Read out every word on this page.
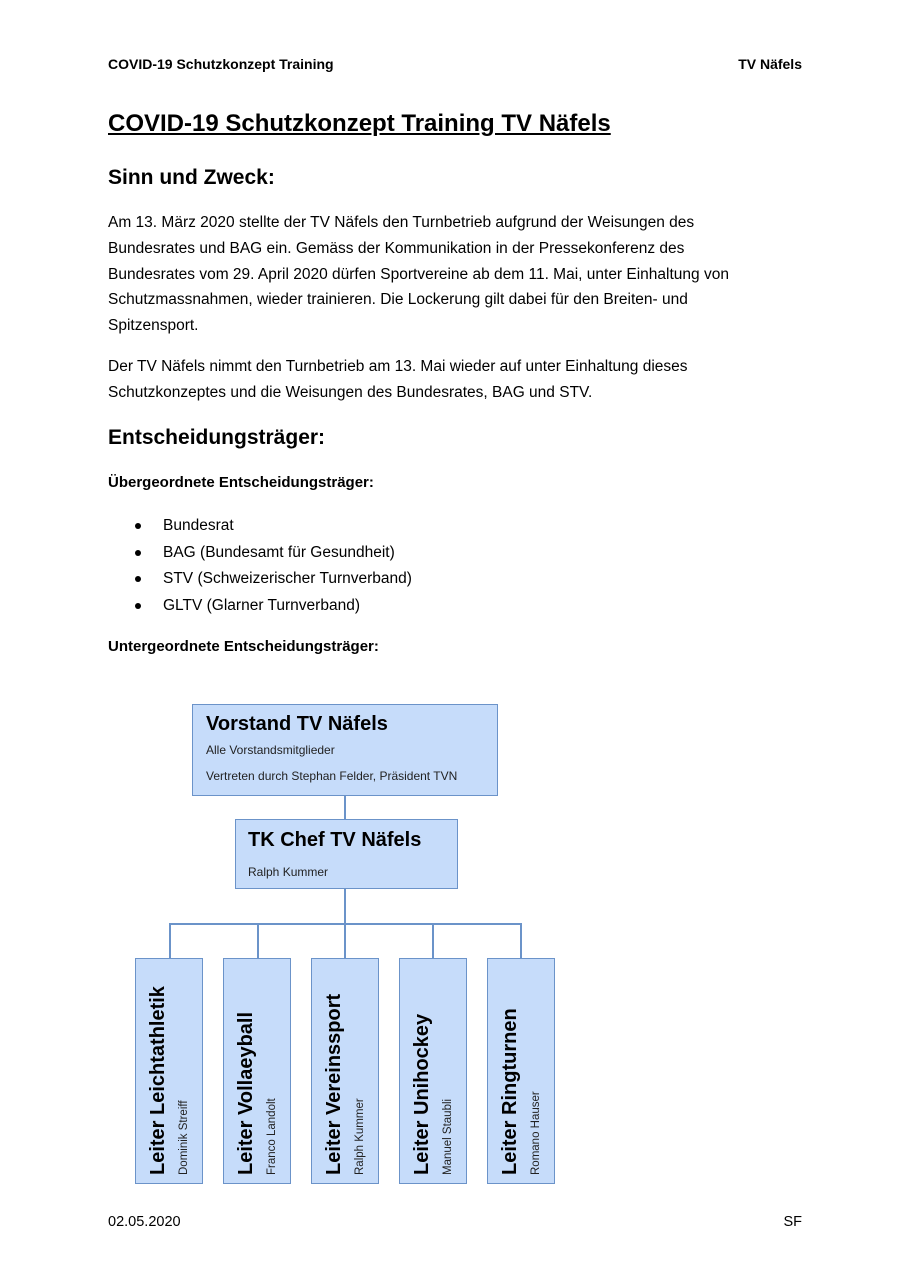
COVID-19 Schutzkonzept Training	TV Näfels
COVID-19 Schutzkonzept Training TV Näfels
Sinn und Zweck:
Am 13. März 2020 stellte der TV Näfels den Turnbetrieb aufgrund der Weisungen des
Bundesrates und BAG ein. Gemäss der Kommunikation in der Pressekonferenz des
Bundesrates vom 29. April 2020 dürfen Sportvereine ab dem 11. Mai, unter Einhaltung von
Schutzmassnahmen, wieder trainieren. Die Lockerung gilt dabei für den Breiten- und
Spitzensport.
Der TV Näfels nimmt den Turnbetrieb am 13. Mai wieder auf unter Einhaltung dieses
Schutzkonzeptes und die Weisungen des Bundesrates, BAG und STV.
Entscheidungsträger:
Übergeordnete Entscheidungsträger:
Bundesrat
BAG (Bundesamt für Gesundheit)
STV (Schweizerischer Turnverband)
GLTV (Glarner Turnverband)
Untergeordnete Entscheidungsträger:
Vorstand TV Näfels
Alle Vorstandsmitglieder
Vertreten durch Stephan Felder, Präsident TVN
TK Chef TV Näfels
Ralph Kummer
Leiter Leichtathletik Dominik Streiff Leiter Vollaeyball Franco Landolt Leiter Vereinssport Ralph Kummer Leiter Unihockey Manuel Staubli Leiter Ringturnen Romano Hauser
02.05.2020	SF
